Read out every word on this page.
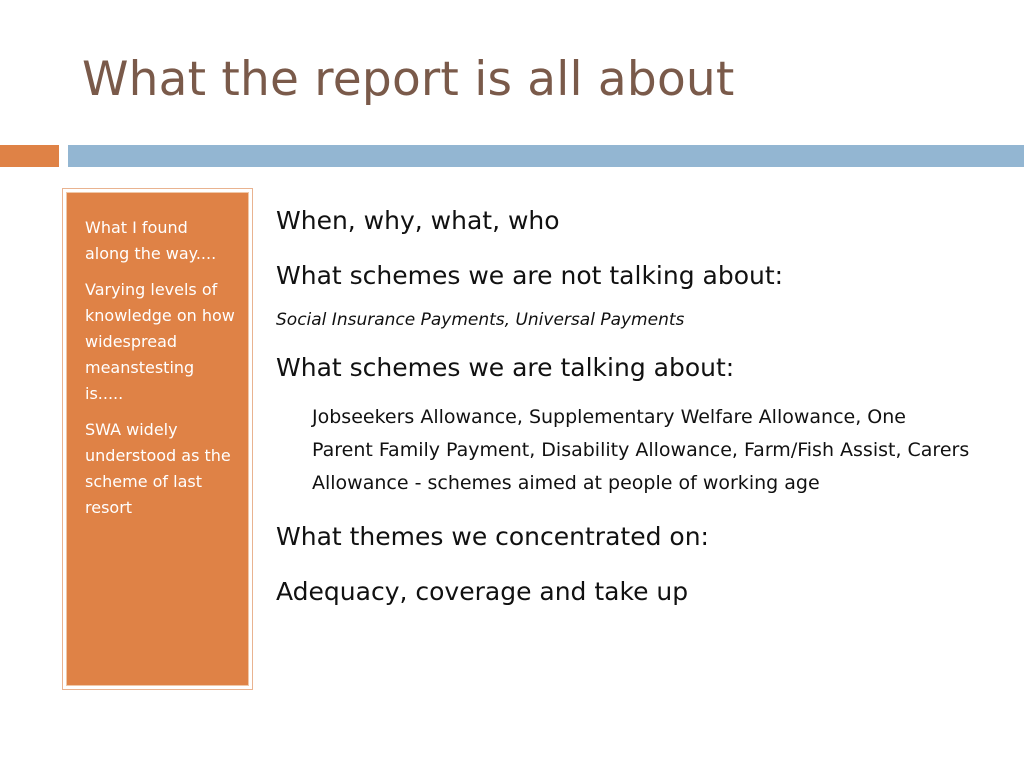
What the report is all about

What I found along the way....

Varying levels of knowledge on how widespread meanstesting is.....

SWA widely understood as the scheme of last resort

When, why, what, who
What schemes we are not talking about:
Social Insurance Payments, Universal Payments
What schemes we are talking about:
Jobseekers Allowance, Supplementary Welfare Allowance, One Parent Family Payment, Disability Allowance, Farm/Fish Assist, Carers Allowance - schemes aimed at people of working age
What themes we concentrated on:
Adequacy, coverage and take up
